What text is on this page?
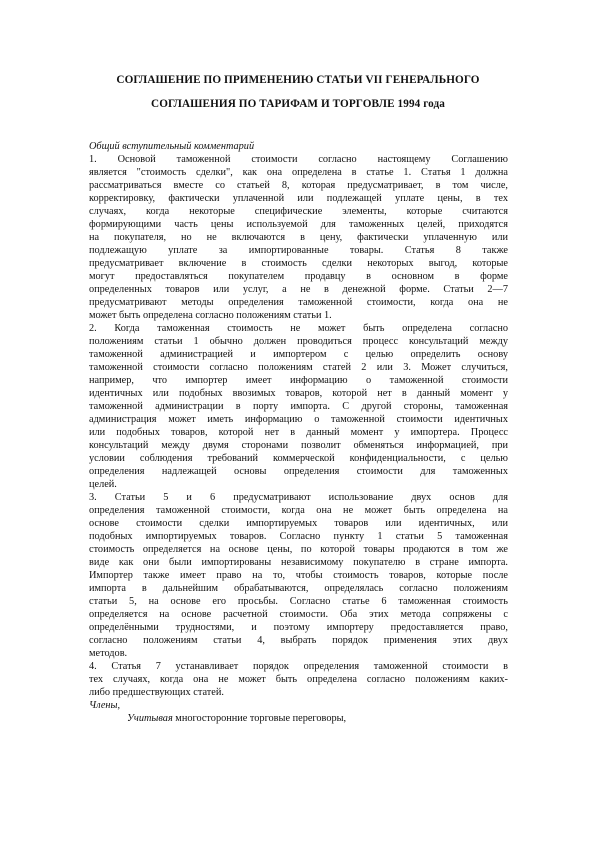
СОГЛАШЕНИЕ ПО ПРИМЕНЕНИЮ СТАТЬИ VII ГЕНЕРАЛЬНОГО
СОГЛАШЕНИЯ ПО ТАРИФАМ И ТОРГОВЛЕ 1994 года
Общий вступительный комментарий
1. Основой таможенной стоимости согласно настоящему Соглашению
является "стоимость сделки", как она определена в статье 1. Статья 1 должна
рассматриваться вместе со статьей 8, которая предусматривает, в том числе,
корректировку, фактически уплаченной или подлежащей уплате цены, в тех
случаях, когда некоторые специфические элементы, которые считаются
формирующими часть цены используемой для таможенных целей, приходятся
на покупателя, но не включаются в цену, фактически уплаченную или
подлежащую уплате за импортированные товары. Статья 8 также
предусматривает включение в стоимость сделки некоторых выгод, которые
могут предоставляться покупателем продавцу в основном в форме
определенных товаров или услуг, а не в денежной форме. Статьи 2—7
предусматривают методы определения таможенной стоимости, когда она не
может быть определена согласно положениям статьи 1.
2. Когда таможенная стоимость не может быть определена согласно
положениям статьи 1 обычно должен проводиться процесс консультаций между
таможенной администрацией и импортером с целью определить основу
таможенной стоимости согласно положениям статей 2 или 3. Может случиться,
например, что импортер имеет информацию о таможенной стоимости
идентичных или подобных ввозимых товаров, которой нет в данный момент у
таможенной администрации в порту импорта. С другой стороны, таможенная
администрация может иметь информацию о таможенной стоимости идентичных
или подобных товаров, которой нет в данный момент у импортера. Процесс
консультаций между двумя сторонами позволит обменяться информацией, при
условии соблюдения требований коммерческой конфиденциальности, с целью
определения надлежащей основы определения стоимости для таможенных
целей.
3. Статьи 5 и 6 предусматривают использование двух основ для
определения таможенной стоимости, когда она не может быть определена на
основе стоимости сделки импортируемых товаров или идентичных, или
подобных импортируемых товаров. Согласно пункту 1 статьи 5 таможенная
стоимость определяется на основе цены, по которой товары продаются в том же
виде как они были импортированы независимому покупателю в стране импорта.
Импортер также имеет право на то, чтобы стоимость товаров, которые после
импорта в дальнейшим обрабатываются, определялась согласно положениям
статьи 5, на основе его просьбы. Согласно статье 6 таможенная стоимость
определяется на основе расчетной стоимости. Оба этих метода сопряжены с
определёнными трудностями, и поэтому импортеру предоставляется право,
согласно положениям статьи 4, выбрать порядок применения этих двух
методов.
4. Статья 7 устанавливает порядок определения таможенной стоимости в
тех случаях, когда она не может быть определена согласно положениям каких-
либо предшествующих статей.
Члены,
Учитывая многосторонние торговые переговоры,
